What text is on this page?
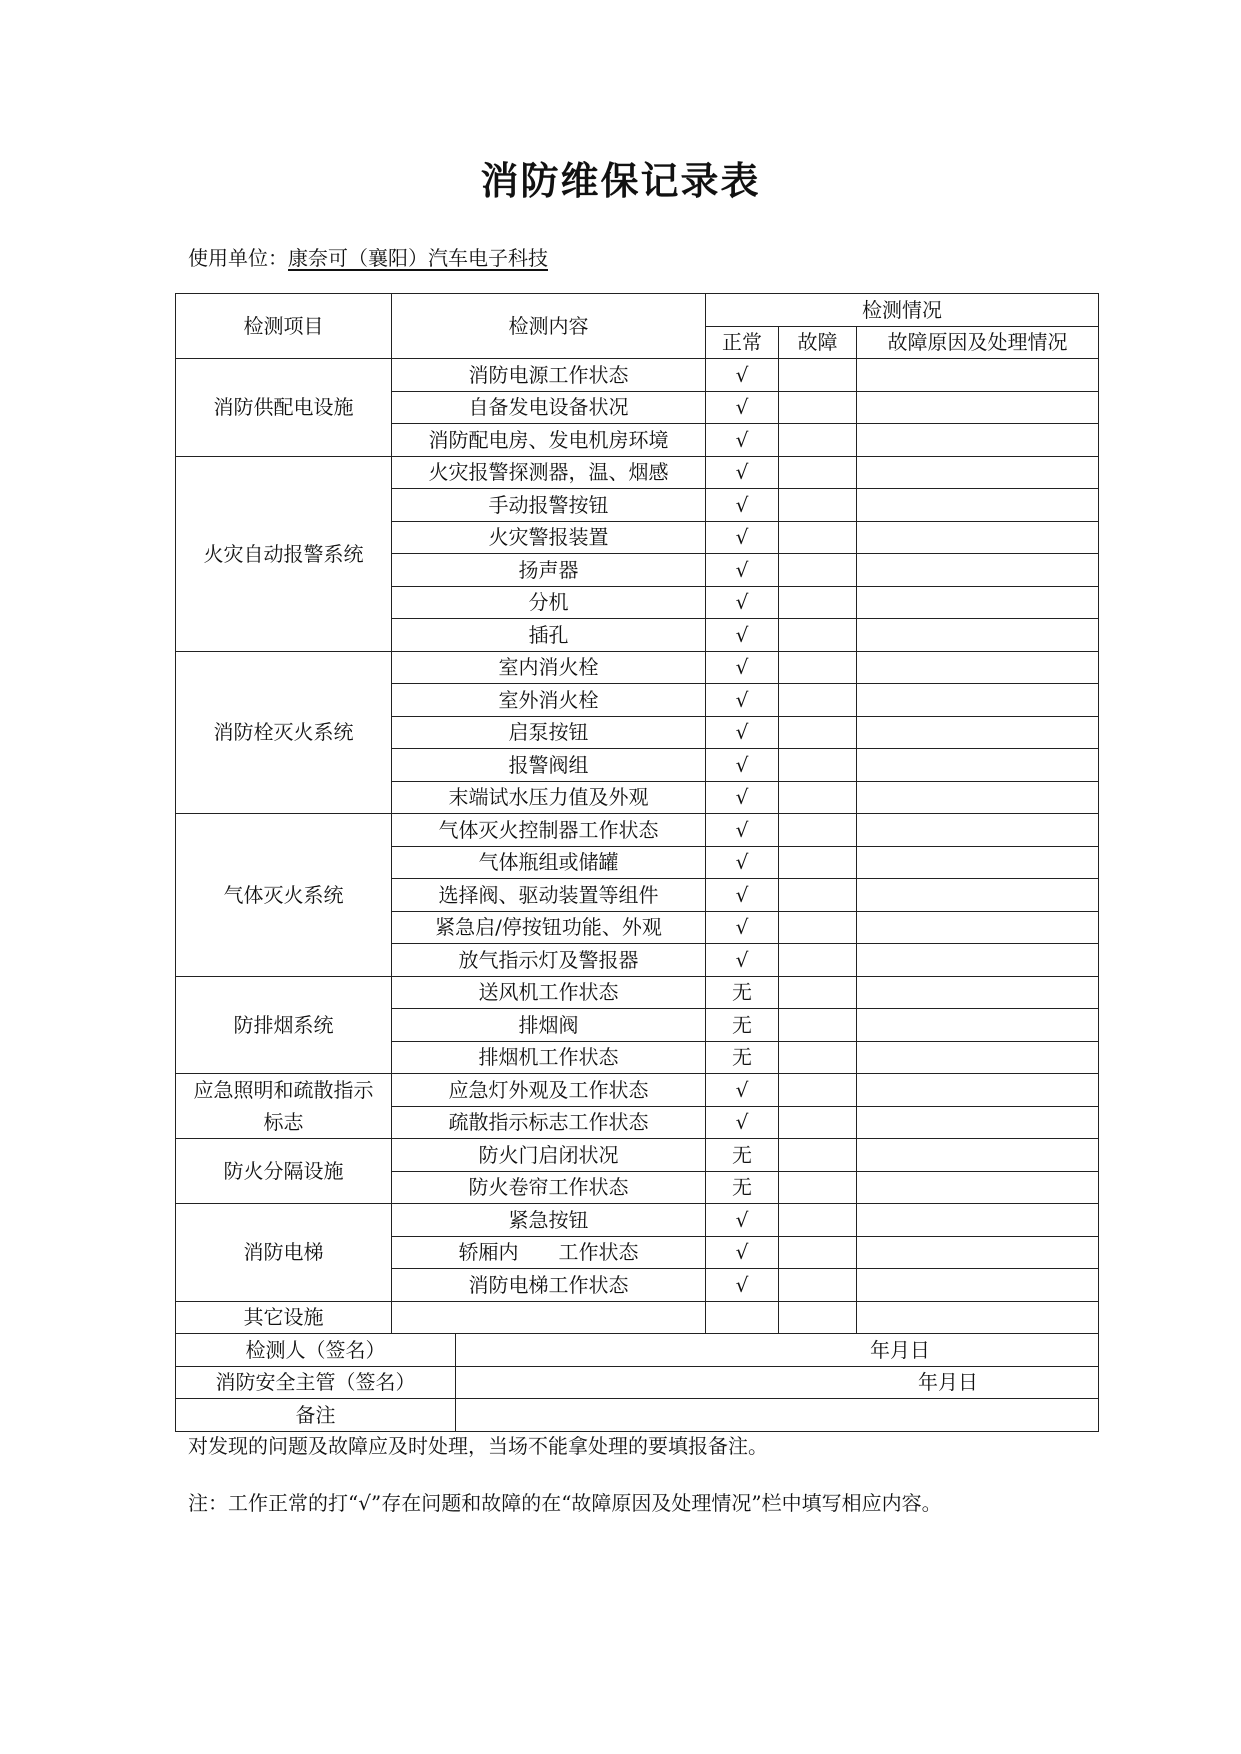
消防维保记录表
使用单位：康奈可（襄阳）汽车电子科技
检测项目	检测内容		检测情况		
			正常	故障	故障原因及处理情况
消防供配电设施	消防电源工作状态		√		
	自备发电设备状况		√		
	消防配电房、发电机房环境		√		
火灾自动报警系统	火灾报警探测器，温、烟感		√		
	手动报警按钮		√		
	火灾警报装置		√		
	扬声器		√		
	分机		√		
	插孔		√		
消防栓灭火系统	室内消火栓		√		
	室外消火栓		√		
	启泵按钮		√		
	报警阀组		√		
	末端试水压力值及外观		√		
气体灭火系统	气体灭火控制器工作状态		√		
	气体瓶组或储罐		√		
	选择阀、驱动装置等组件		√		
	紧急启/停按钮功能、外观		√		
	放气指示灯及警报器		√		
防排烟系统	送风机工作状态		无		
	排烟阀		无		
	排烟机工作状态		无		
应急照明和疏散指示标志	应急灯外观及工作状态		√		
	疏散指示标志工作状态		√		
防火分隔设施	防火门启闭状况		无		
	防火卷帘工作状态		无		
消防电梯	紧急按钮		√		
	轿厢内　　工作状态		√		
	消防电梯工作状态		√		
其它设施					
检测人（签名）		年月日			

消防安全主管（签名）		年月日			

备注					
对发现的问题及故障应及时处理，当场不能拿处理的要填报备注。
注：工作正常的打“√”存在问题和故障的在“故障原因及处理情况”栏中填写相应内容。
